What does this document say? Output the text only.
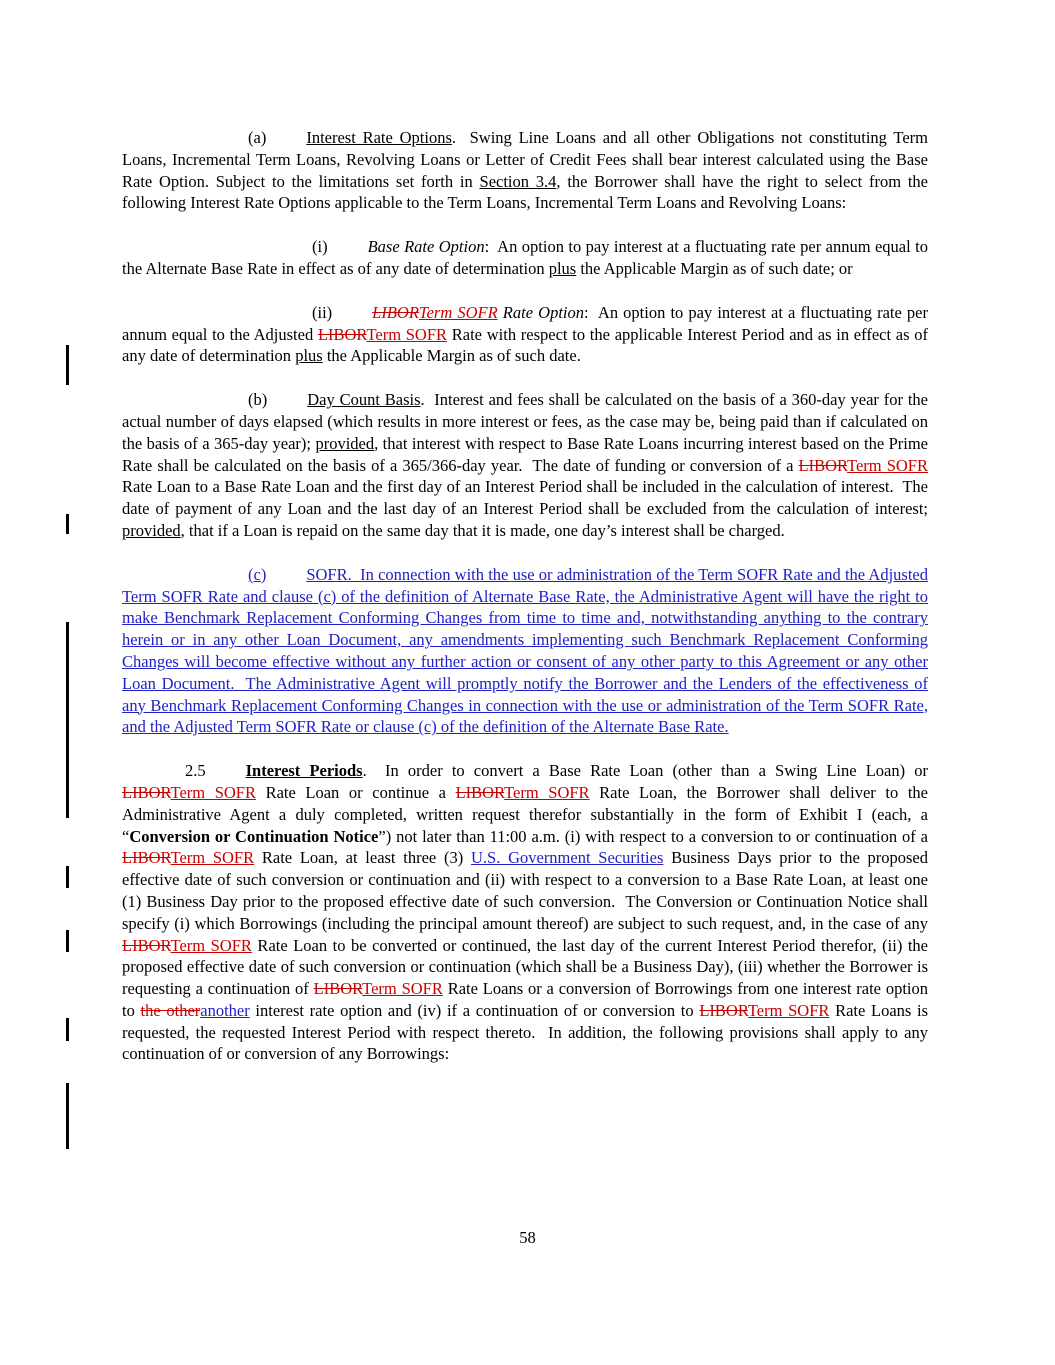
(a) Interest Rate Options.  Swing Line Loans and all other Obligations not constituting Term Loans, Incremental Term Loans, Revolving Loans or Letter of Credit Fees shall bear interest calculated using the Base Rate Option. Subject to the limitations set forth in Section 3.4, the Borrower shall have the right to select from the following Interest Rate Options applicable to the Term Loans, Incremental Term Loans and Revolving Loans:

(i) Base Rate Option:  An option to pay interest at a fluctuating rate per annum equal to the Alternate Base Rate in effect as of any date of determination plus the Applicable Margin as of such date; or

(ii) LIBORTerm SOFR Rate Option:  An option to pay interest at a fluctuating rate per annum equal to the Adjusted LIBORTerm SOFR Rate with respect to the applicable Interest Period and as in effect as of any date of determination plus the Applicable Margin as of such date.

(b) Day Count Basis.  Interest and fees shall be calculated on the basis of a 360-day year for the actual number of days elapsed (which results in more interest or fees, as the case may be, being paid than if calculated on the basis of a 365-day year); provided, that interest with respect to Base Rate Loans incurring interest based on the Prime Rate shall be calculated on the basis of a 365/366-day year.  The date of funding or conversion of a LIBORTerm SOFR Rate Loan to a Base Rate Loan and the first day of an Interest Period shall be included in the calculation of interest.  The date of payment of any Loan and the last day of an Interest Period shall be excluded from the calculation of interest; provided, that if a Loan is repaid on the same day that it is made, one day’s interest shall be charged.

(c) SOFR.  In connection with the use or administration of the Term SOFR Rate and the Adjusted Term SOFR Rate and clause (c) of the definition of Alternate Base Rate, the Administrative Agent will have the right to make Benchmark Replacement Conforming Changes from time to time and, notwithstanding anything to the contrary herein or in any other Loan Document, any amendments implementing such Benchmark Replacement Conforming Changes will become effective without any further action or consent of any other party to this Agreement or any other Loan Document.  The Administrative Agent will promptly notify the Borrower and the Lenders of the effectiveness of any Benchmark Replacement Conforming Changes in connection with the use or administration of the Term SOFR Rate, and the Adjusted Term SOFR Rate or clause (c) of the definition of the Alternate Base Rate.

2.5 Interest Periods.  In order to convert a Base Rate Loan (other than a Swing Line Loan) or LIBORTerm SOFR Rate Loan or continue a LIBORTerm SOFR Rate Loan, the Borrower shall deliver to the Administrative Agent a duly completed, written request therefor substantially in the form of Exhibit I (each, a “Conversion or Continuation Notice”) not later than 11:00 a.m. (i) with respect to a conversion to or continuation of a LIBORTerm SOFR Rate Loan, at least three (3) U.S. Government Securities Business Days prior to the proposed effective date of such conversion or continuation and (ii) with respect to a conversion to a Base Rate Loan, at least one (1) Business Day prior to the proposed effective date of such conversion.  The Conversion or Continuation Notice shall specify (i) which Borrowings (including the principal amount thereof) are subject to such request, and, in the case of any LIBORTerm SOFR Rate Loan to be converted or continued, the last day of the current Interest Period therefor, (ii) the proposed effective date of such conversion or continuation (which shall be a Business Day), (iii) whether the Borrower is requesting a continuation of LIBORTerm SOFR Rate Loans or a conversion of Borrowings from one interest rate option to the otheranother interest rate option and (iv) if a continuation of or conversion to LIBORTerm SOFR Rate Loans is requested, the requested Interest Period with respect thereto.  In addition, the following provisions shall apply to any continuation of or conversion of any Borrowings:

58
